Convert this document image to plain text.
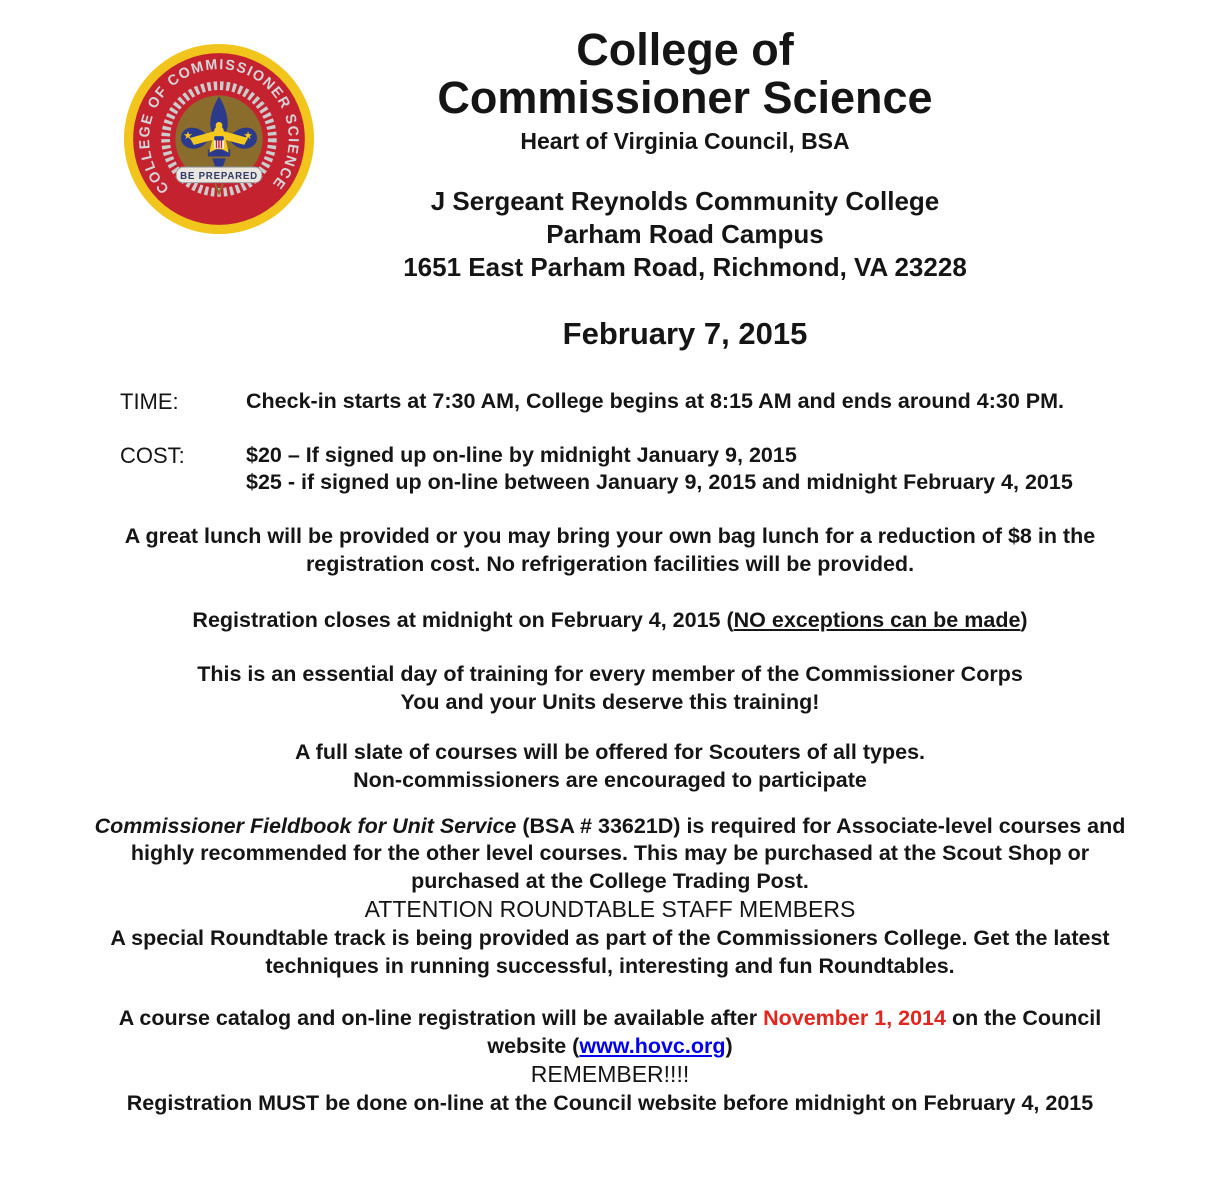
COLLEGE OF COMMISSIONER SCIENCE
★	★
BE PREPARED
College of
Commissioner Science
Heart of Virginia Council, BSA
J Sergeant Reynolds Community College
Parham Road Campus
1651 East Parham Road, Richmond, VA 23228
February 7, 2015
TIME:	Check-in starts at 7:30 AM, College begins at 8:15 AM and ends around 4:30 PM.
COST:	$20 – If signed up on-line by midnight January 9, 2015
$25 - if signed up on-line between January 9, 2015 and midnight February 4, 2015

A great lunch will be provided or you may bring your own bag lunch for a reduction of $8 in the
registration cost. No refrigeration facilities will be provided.

Registration closes at midnight on February 4, 2015 (NO exceptions can be made)

This is an essential day of training for every member of the Commissioner Corps
You and your Units deserve this training!

A full slate of courses will be offered for Scouters of all types.
Non-commissioners are encouraged to participate

Commissioner Fieldbook for Unit Service (BSA # 33621D) is required for Associate-level courses and
highly recommended for the other level courses. This may be purchased at the Scout Shop or
purchased at the College Trading Post.

ATTENTION ROUNDTABLE STAFF MEMBERS

A special Roundtable track is being provided as part of the Commissioners College. Get the latest
techniques in running successful, interesting and fun Roundtables.

A course catalog and on-line registration will be available after November 1, 2014 on the Council
website (www.hovc.org)

REMEMBER!!!!

Registration MUST be done on-line at the Council website before midnight on February 4, 2015
